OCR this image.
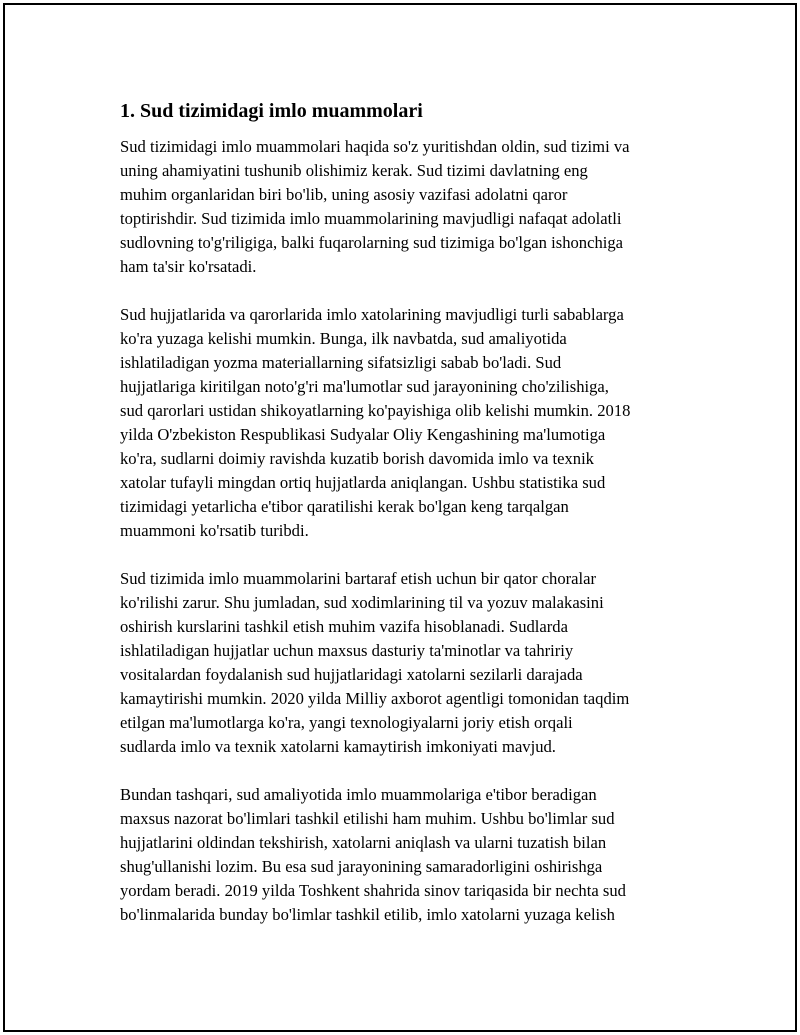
1. Sud tizimidagi imlo muammolari

Sud tizimidagi imlo muammolari haqida so'z yuritishdan oldin, sud tizimi va
uning ahamiyatini tushunib olishimiz kerak. Sud tizimi davlatning eng
muhim organlaridan biri bo'lib, uning asosiy vazifasi adolatni qaror
toptirishdir. Sud tizimida imlo muammolarining mavjudligi nafaqat adolatli
sudlovning to'g'riligiga, balki fuqarolarning sud tizimiga bo'lgan ishonchiga
ham ta'sir ko'rsatadi.

Sud hujjatlarida va qarorlarida imlo xatolarining mavjudligi turli sabablarga
ko'ra yuzaga kelishi mumkin. Bunga, ilk navbatda, sud amaliyotida
ishlatiladigan yozma materiallarning sifatsizligi sabab bo'ladi. Sud
hujjatlariga kiritilgan noto'g'ri ma'lumotlar sud jarayonining cho'zilishiga,
sud qarorlari ustidan shikoyatlarning ko'payishiga olib kelishi mumkin. 2018
yilda O'zbekiston Respublikasi Sudyalar Oliy Kengashining ma'lumotiga
ko'ra, sudlarni doimiy ravishda kuzatib borish davomida imlo va texnik
xatolar tufayli mingdan ortiq hujjatlarda aniqlangan. Ushbu statistika sud
tizimidagi yetarlicha e'tibor qaratilishi kerak bo'lgan keng tarqalgan
muammoni ko'rsatib turibdi.

Sud tizimida imlo muammolarini bartaraf etish uchun bir qator choralar
ko'rilishi zarur. Shu jumladan, sud xodimlarining til va yozuv malakasini
oshirish kurslarini tashkil etish muhim vazifa hisoblanadi. Sudlarda
ishlatiladigan hujjatlar uchun maxsus dasturiy ta'minotlar va tahririy
vositalardan foydalanish sud hujjatlaridagi xatolarni sezilarli darajada
kamaytirishi mumkin. 2020 yilda Milliy axborot agentligi tomonidan taqdim
etilgan ma'lumotlarga ko'ra, yangi texnologiyalarni joriy etish orqali
sudlarda imlo va texnik xatolarni kamaytirish imkoniyati mavjud.

Bundan tashqari, sud amaliyotida imlo muammolariga e'tibor beradigan
maxsus nazorat bo'limlari tashkil etilishi ham muhim. Ushbu bo'limlar sud
hujjatlarini oldindan tekshirish, xatolarni aniqlash va ularni tuzatish bilan
shug'ullanishi lozim. Bu esa sud jarayonining samaradorligini oshirishga
yordam beradi. 2019 yilda Toshkent shahrida sinov tariqasida bir nechta sud
bo'linmalarida bunday bo'limlar tashkil etilib, imlo xatolarni yuzaga kelish
